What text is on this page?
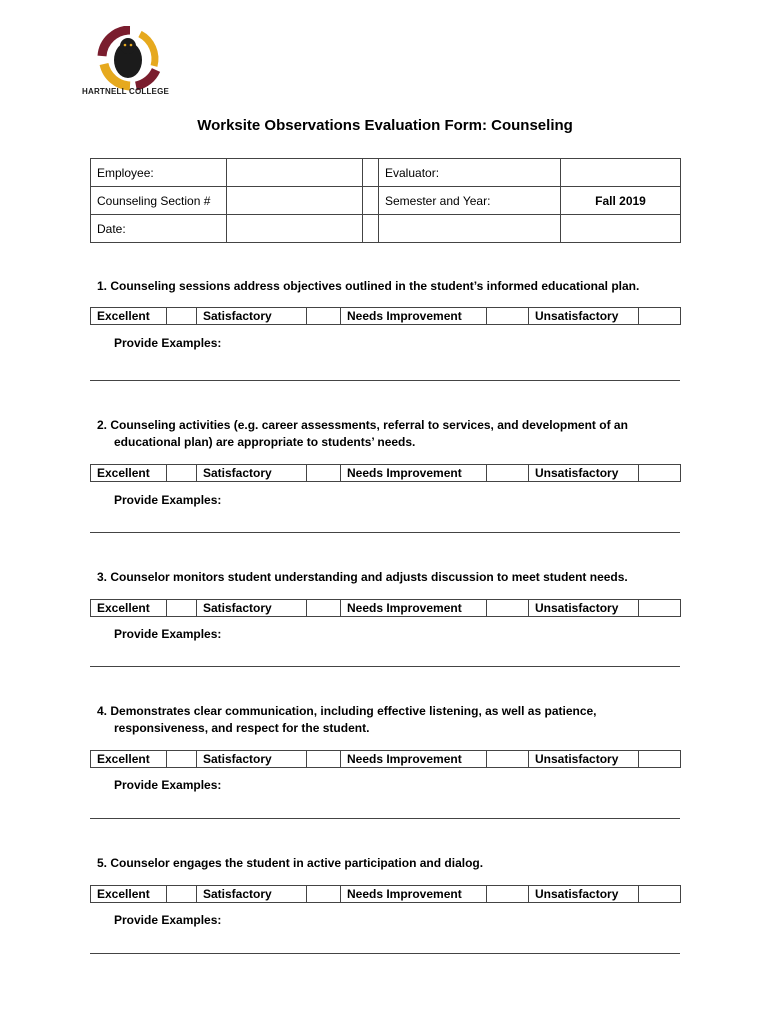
HARTNELL COLLEGE
Worksite Observations Evaluation Form: Counseling
Employee:			Evaluator:	
Counseling Section #			Semester and Year:	Fall 2019
Date:				
1. Counseling sessions address objectives outlined in the student’s informed educational plan.
Excellent		Satisfactory		Needs Improvement		Unsatisfactory	
Provide Examples:
2. Counseling activities (e.g. career assessments, referral to services, and development of an educational plan) are appropriate to students’ needs.
Excellent		Satisfactory		Needs Improvement		Unsatisfactory	
Provide Examples:
3. Counselor monitors student understanding and adjusts discussion to meet student needs.
Excellent		Satisfactory		Needs Improvement		Unsatisfactory	
Provide Examples:
4. Demonstrates clear communication, including effective listening, as well as patience, responsiveness, and respect for the student.
Excellent		Satisfactory		Needs Improvement		Unsatisfactory	
Provide Examples:
5. Counselor engages the student in active participation and dialog.
Excellent		Satisfactory		Needs Improvement		Unsatisfactory	
Provide Examples:
